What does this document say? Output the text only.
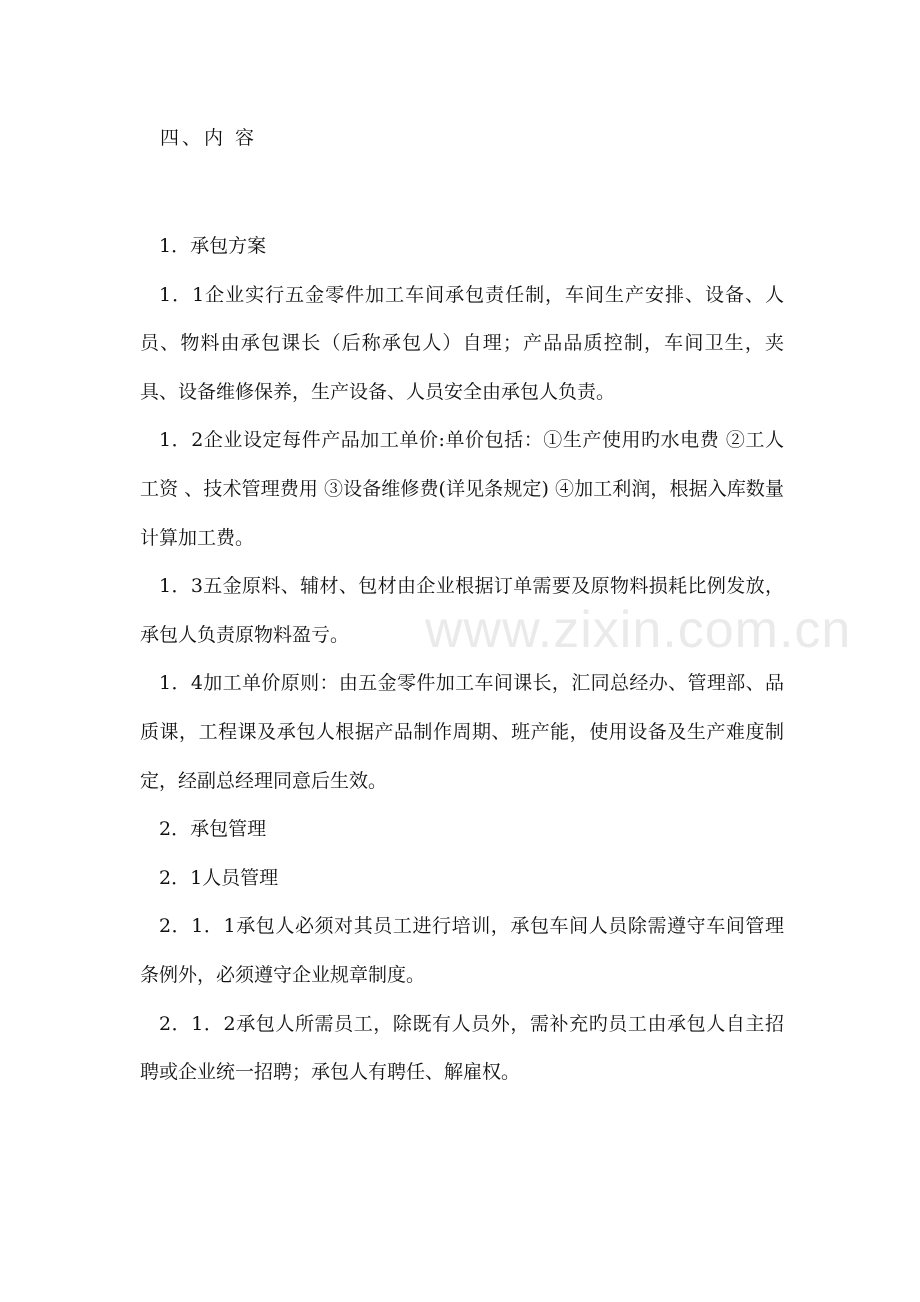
四、内 容

1．承包方案

1．1企业实行五金零件加工车间承包责任制，车间生产安排、设备、人员、物料由承包课长（后称承包人）自理；产品品质控制，车间卫生，夹具、设备维修保养，生产设备、人员安全由承包人负责。

1．2企业设定每件产品加工单价:单价包括：①生产使用旳水电费 ②工人工资 、技术管理费用 ③设备维修费(详见条规定) ④加工利润，根据入库数量计算加工费。

1．3五金原料、辅材、包材由企业根据订单需要及原物料损耗比例发放，承包人负责原物料盈亏。

1．4加工单价原则：由五金零件加工车间课长，汇同总经办、管理部、品质课，工程课及承包人根据产品制作周期、班产能，使用设备及生产难度制定，经副总经理同意后生效。

2．承包管理

2．1人员管理

2．1．1承包人必须对其员工进行培训，承包车间人员除需遵守车间管理条例外，必须遵守企业规章制度。

2．1．2承包人所需员工，除既有人员外，需补充旳员工由承包人自主招聘或企业统一招聘；承包人有聘任、解雇权。

www.zixin.com.cn
